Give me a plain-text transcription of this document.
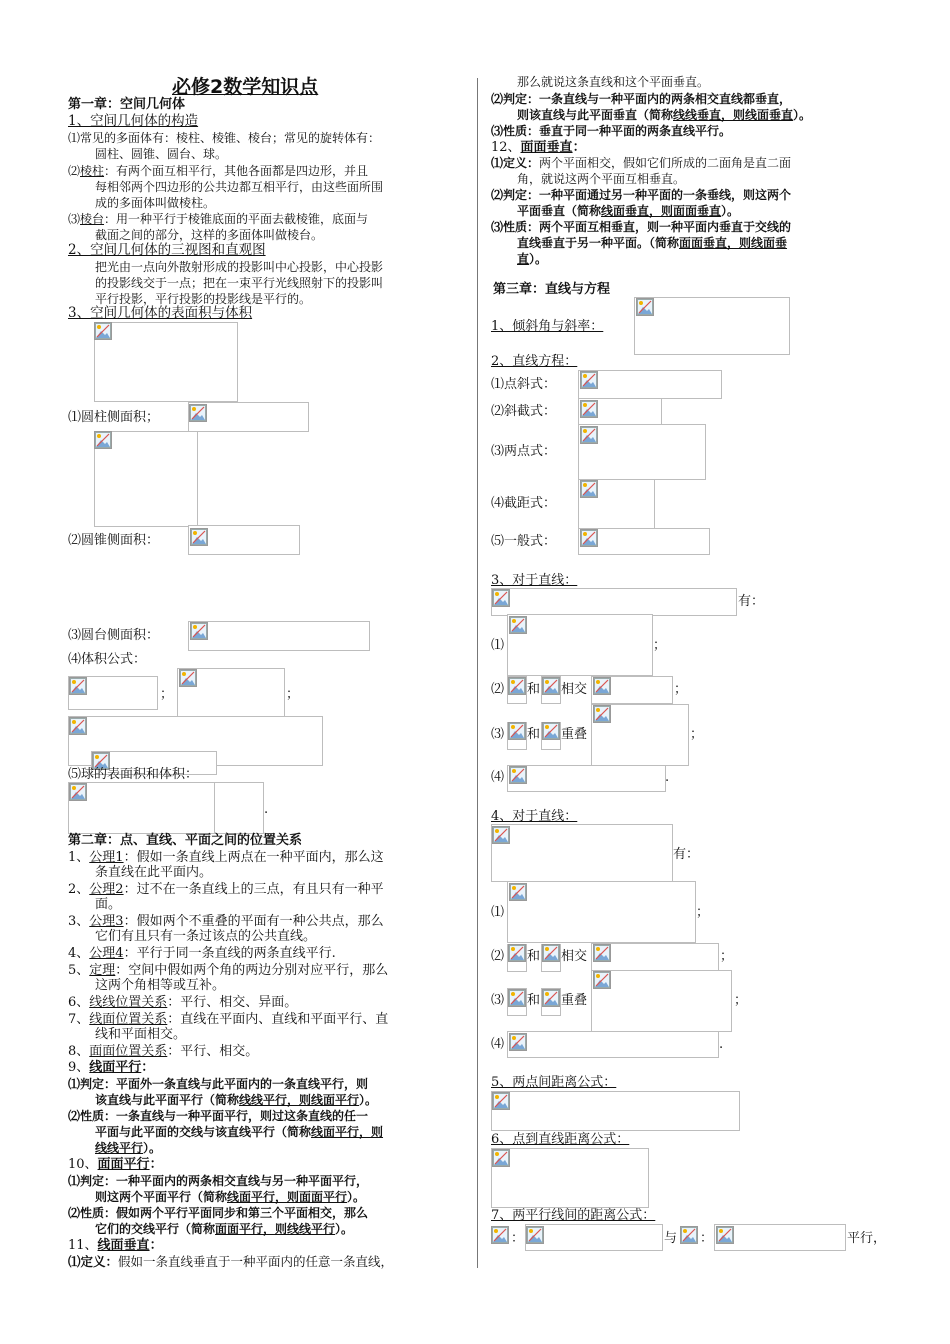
必修2数学知识点
第一章：空间几何体
1、空间几何体的构造
⑴常见的多面体有：棱柱、棱锥、棱台；常见的旋转体有：
圆柱、圆锥、圆台、球。
⑵棱柱：有两个面互相平行，其他各面都是四边形，并且
每相邻两个四边形的公共边都互相平行，由这些面所围
成的多面体叫做棱柱。
⑶棱台：用一种平行于棱锥底面的平面去截棱锥，底面与
截面之间的部分，这样的多面体叫做棱台。
2、空间几何体的三视图和直观图
把光由一点向外散射形成的投影叫中心投影，中心投影
的投影线交于一点；把在一束平行光线照射下的投影叫
平行投影，平行投影的投影线是平行的。
3、空间几何体的表面积与体积
⑴圆柱侧面积；
⑵圆锥侧面积：
⑶圆台侧面积：
⑷体积公式：
；	；
⑸球的表面积和体积：
.
第二章：点、直线、平面之间的位置关系
1、公理1：假如一条直线上两点在一种平面内，那么这
条直线在此平面内。
2、公理2：过不在一条直线上的三点，有且只有一种平
面。
3、公理3：假如两个不重叠的平面有一种公共点，那么
它们有且只有一条过该点的公共直线。
4、公理4：平行于同一条直线的两条直线平行.
5、定理：空间中假如两个角的两边分别对应平行，那么
这两个角相等或互补。
6、线线位置关系：平行、相交、异面。
7、线面位置关系：直线在平面内、直线和平面平行、直
线和平面相交。
8、面面位置关系：平行、相交。
9、线面平行：
⑴判定：平面外一条直线与此平面内的一条直线平行，则
该直线与此平面平行（简称线线平行，则线面平行）。
⑵性质：一条直线与一种平面平行，则过这条直线的任一
平面与此平面的交线与该直线平行（简称线面平行，则
线线平行）。
10、面面平行：
⑴判定：一种平面内的两条相交直线与另一种平面平行，
则这两个平面平行（简称线面平行，则面面平行）。
⑵性质：假如两个平行平面同步和第三个平面相交，那么
它们的交线平行（简称面面平行，则线线平行）。
11、线面垂直：
⑴定义：假如一条直线垂直于一种平面内的任意一条直线，
那么就说这条直线和这个平面垂直。
⑵判定：一条直线与一种平面内的两条相交直线都垂直，
则该直线与此平面垂直（简称线线垂直，则线面垂直）。
⑶性质：垂直于同一种平面的两条直线平行。
12、面面垂直：
⑴定义：两个平面相交，假如它们所成的二面角是直二面
角，就说这两个平面互相垂直。
⑵判定：一种平面通过另一种平面的一条垂线，则这两个
平面垂直（简称线面垂直，则面面垂直）。
⑶性质：两个平面互相垂直，则一种平面内垂直于交线的
直线垂直于另一种平面。（简称面面垂直，则线面垂
直）。
第三章：直线与方程
1、倾斜角与斜率：
2、直线方程：
⑴点斜式：
⑵斜截式：
⑶两点式：
⑷截距式：
⑸一般式：
3、对于直线：
有：
⑴	；
⑵ 和 相交	；
⑶ 和 重叠	；
⑷	.
4、对于直线：
有：
⑴	；
⑵ 和 相交	；
⑶ 和 重叠	；
⑷	.
5、两点间距离公式：
6、点到直线距离公式：
7、两平行线间的距离公式：
：	与 ：	平行，
